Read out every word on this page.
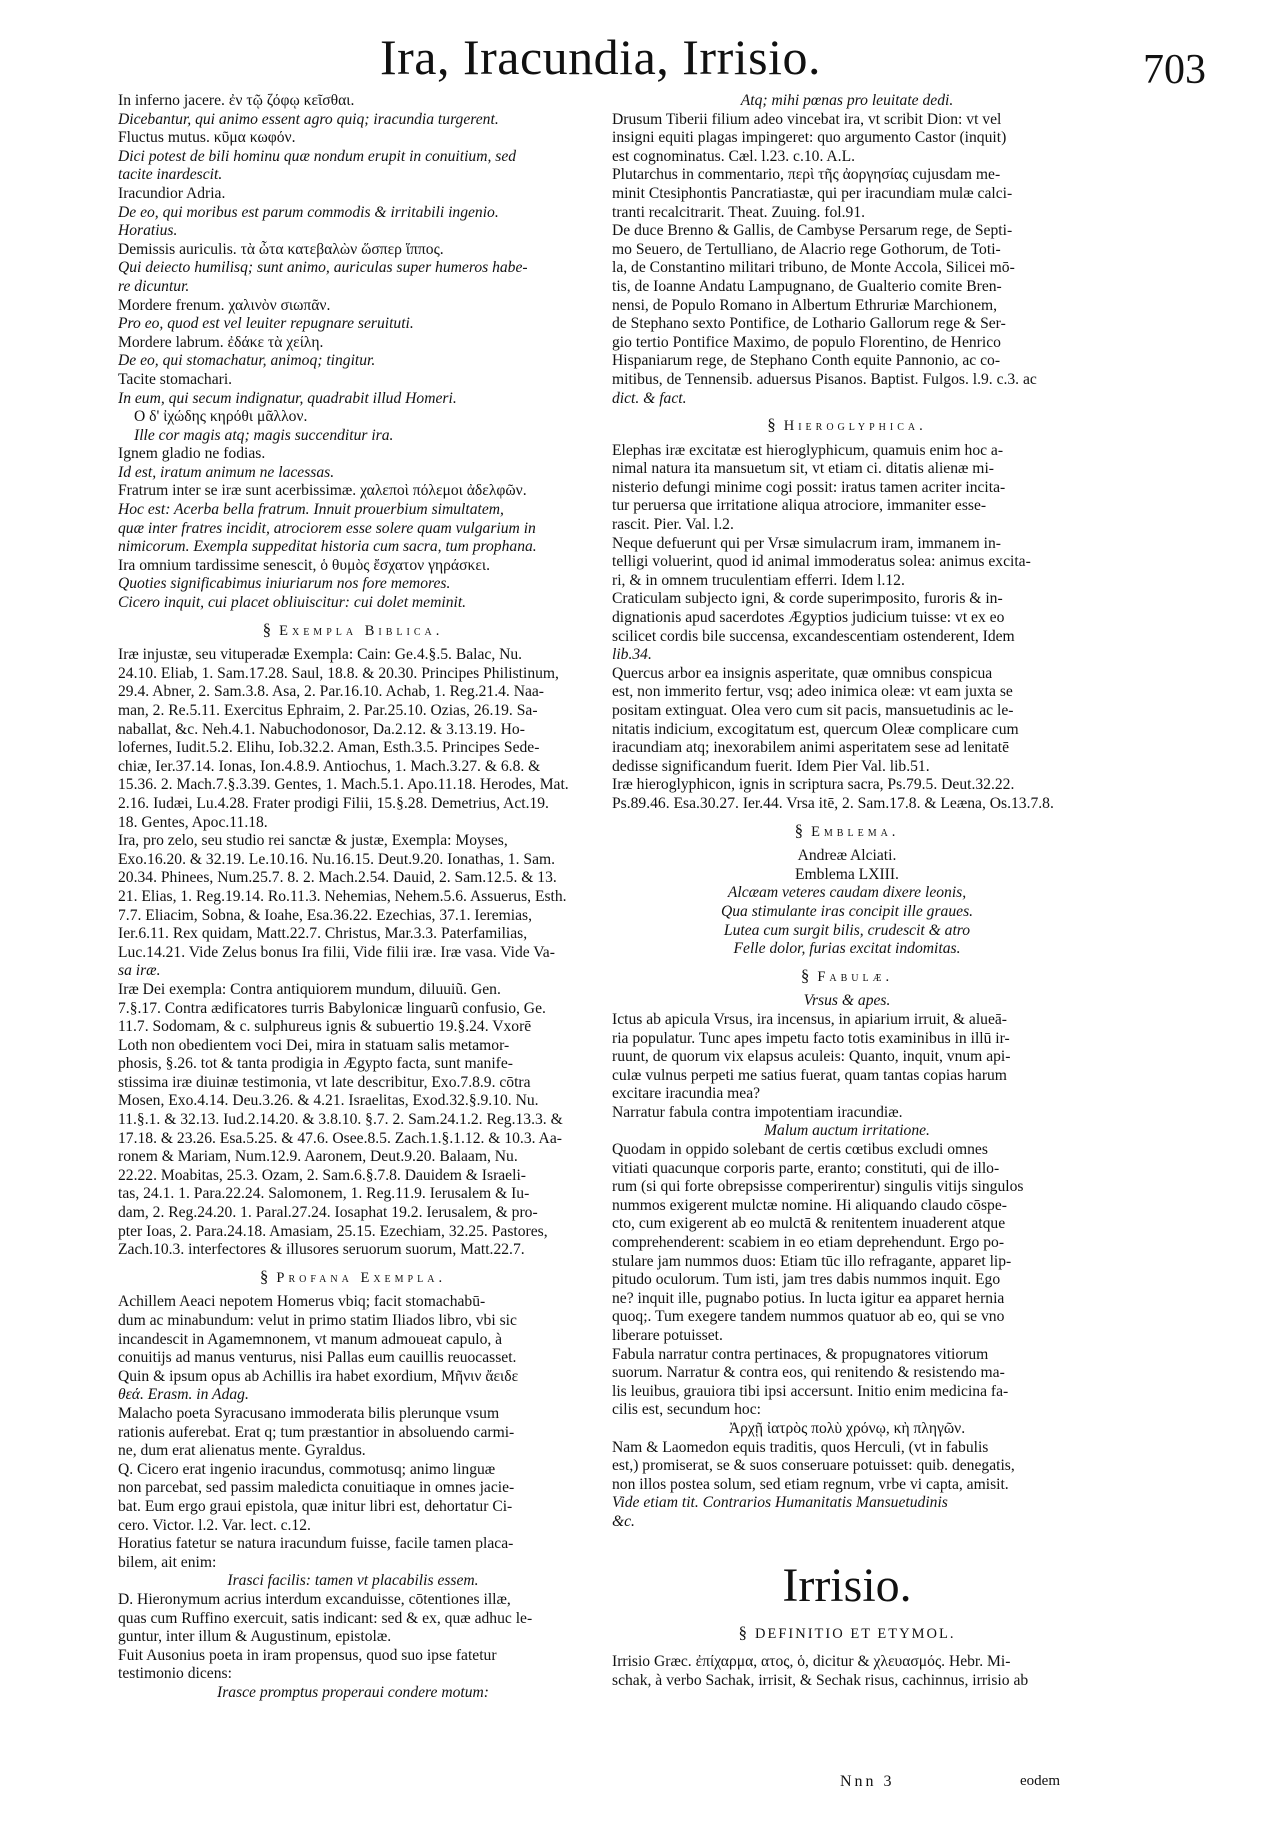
Ira, Iracundia, Irrisio.	703
In inferno jacere. ἐν τῷ ζόφῳ κεῖσθαι.
Dicebantur, qui animo essent agro quiq; iracundia turgerent.
Fluctus mutus. κῦμα κωφόν.
Dici potest de bili hominu quæ nondum erupit in conuitium, sed
tacite inardescit.
Iracundior Adria.
De eo, qui moribus est parum commodis & irritabili ingenio.
Horatius.
Demissis auriculis. τὰ ὦτα κατεβαλὼν ὥσπερ ἵππος.
Qui deiecto humilisq; sunt animo, auriculas super humeros habe-
re dicuntur.
Mordere frenum. χαλινὸν σιωπᾶν.
Pro eo, quod est vel leuiter repugnare seruituti.
Mordere labrum. ἐδάκε τὰ χείλη.
De eo, qui stomachatur, animoq; tingitur.
Tacite stomachari.
In eum, qui secum indignatur, quadrabit illud Homeri.
Ο δ' ἰχώδης κηρόθι μᾶλλον.
Ille cor magis atq; magis succenditur ira.
Ignem gladio ne fodias.
Id est, iratum animum ne lacessas.
Fratrum inter se iræ sunt acerbissimæ. χαλεποὶ πόλεμοι ἀδελφῶν.
Hoc est: Acerba bella fratrum. Innuit prouerbium simultatem,
quæ inter fratres incidit, atrociorem esse solere quam vulgarium in
nimicorum. Exempla suppeditat historia cum sacra, tum prophana.
Ira omnium tardissime senescit, ὁ θυμὸς ἔσχατον γηράσκει.
Quoties significabimus iniuriarum nos fore memores.
Cicero inquit, cui placet obliuiscitur: cui dolet meminit.
§ Exempla Biblica.
Iræ injustæ, seu vituperadæ Exempla: Cain: Ge.4.§.5. Balac, Nu.
24.10. Eliab, 1. Sam.17.28. Saul, 18.8. & 20.30. Principes Philistinum,
29.4. Abner, 2. Sam.3.8. Asa, 2. Par.16.10. Achab, 1. Reg.21.4. Naa-
man, 2. Re.5.11. Exercitus Ephraim, 2. Par.25.10. Ozias, 26.19. Sa-
naballat, &c. Neh.4.1. Nabuchodonosor, Da.2.12. & 3.13.19. Ho-
lofernes, Iudit.5.2. Elihu, Iob.32.2. Aman, Esth.3.5. Principes Sede-
chiæ, Ier.37.14. Ionas, Ion.4.8.9. Antiochus, 1. Mach.3.27. & 6.8. &
15.36. 2. Mach.7.§.3.39. Gentes, 1. Mach.5.1. Apo.11.18. Herodes, Mat.
2.16. Iudæi, Lu.4.28. Frater prodigi Filii, 15.§.28. Demetrius, Act.19.
18. Gentes, Apoc.11.18.
Ira, pro zelo, seu studio rei sanctæ & justæ, Exempla: Moyses,
Exo.16.20. & 32.19. Le.10.16. Nu.16.15. Deut.9.20. Ionathas, 1. Sam.
20.34. Phinees, Num.25.7. 8. 2. Mach.2.54. Dauid, 2. Sam.12.5. & 13.
21. Elias, 1. Reg.19.14. Ro.11.3. Nehemias, Nehem.5.6. Assuerus, Esth.
7.7. Eliacim, Sobna, & Ioahe, Esa.36.22. Ezechias, 37.1. Ieremias,
Ier.6.11. Rex quidam, Matt.22.7. Christus, Mar.3.3. Paterfamilias,
Luc.14.21. Vide Zelus bonus Ira filii, Vide filii iræ. Iræ vasa. Vide Va-
sa iræ.
Iræ Dei exempla: Contra antiquiorem mundum, diluuiũ. Gen.
7.§.17. Contra ædificatores turris Babylonicæ linguarũ confusio, Ge.
11.7. Sodomam, & c. sulphureus ignis & subuertio 19.§.24. Vxorē
Loth non obedientem voci Dei, mira in statuam salis metamor-
phosis, §.26. tot & tanta prodigia in Ægypto facta, sunt manife-
stissima iræ diuinæ testimonia, vt late describitur, Exo.7.8.9. cōtra
Mosen, Exo.4.14. Deu.3.26. & 4.21. Israelitas, Exod.32.§.9.10. Nu.
11.§.1. & 32.13. Iud.2.14.20. & 3.8.10. §.7. 2. Sam.24.1.2. Reg.13.3. &
17.18. & 23.26. Esa.5.25. & 47.6. Osee.8.5. Zach.1.§.1.12. & 10.3. Aa-
ronem & Mariam, Num.12.9. Aaronem, Deut.9.20. Balaam, Nu.
22.22. Moabitas, 25.3. Ozam, 2. Sam.6.§.7.8. Dauidem & Israeli-
tas, 24.1. 1. Para.22.24. Salomonem, 1. Reg.11.9. Ierusalem & Iu-
dam, 2. Reg.24.20. 1. Paral.27.24. Iosaphat 19.2. Ierusalem, & pro-
pter Ioas, 2. Para.24.18. Amasiam, 25.15. Ezechiam, 32.25. Pastores,
Zach.10.3. interfectores & illusores seruorum suorum, Matt.22.7.
§ Profana Exempla.
Achillem Aeaci nepotem Homerus vbiq; facit stomachabū-
dum ac minabundum: velut in primo statim Iliados libro, vbi sic
incandescit in Agamemnonem, vt manum admoueat capulo, à
conuitijs ad manus venturus, nisi Pallas eum cauillis reuocasset.
Quin & ipsum opus ab Achillis ira habet exordium, Μῆνιν ἄειδε
θεά. Erasm. in Adag.
Malacho poeta Syracusano immoderata bilis plerunque vsum
rationis auferebat. Erat q; tum præstantior in absoluendo carmi-
ne, dum erat alienatus mente. Gyraldus.
Q. Cicero erat ingenio iracundus, commotusq; animo linguæ
non parcebat, sed passim maledicta conuitiaque in omnes jacie-
bat. Eum ergo graui epistola, quæ initur libri est, dehortatur Ci-
cero. Victor. l.2. Var. lect. c.12.
Horatius fatetur se natura iracundum fuisse, facile tamen placa-
bilem, ait enim:
Irasci facilis: tamen vt placabilis essem.
D. Hieronymum acrius interdum excanduisse, cōtentiones illæ,
quas cum Ruffino exercuit, satis indicant: sed & ex, quæ adhuc le-
guntur, inter illum & Augustinum, epistolæ.
Fuit Ausonius poeta in iram propensus, quod suo ipse fatetur
testimonio dicens:
Irasce promptus properaui condere motum:
Atq; mihi pœnas pro leuitate dedi.
Drusum Tiberii filium adeo vincebat ira, vt scribit Dion: vt vel
insigni equiti plagas impingeret: quo argumento Castor (inquit)
est cognominatus. Cæl. l.23. c.10. A.L.
Plutarchus in commentario, περὶ τῆς ἀοργησίας cujusdam me-
minit Ctesiphontis Pancratiastæ, qui per iracundiam mulæ calci-
tranti recalcitrarit. Theat. Zuuing. fol.91.
De duce Brenno & Gallis, de Cambyse Persarum rege, de Septi-
mo Seuero, de Tertulliano, de Alacrio rege Gothorum, de Toti-
la, de Constantino militari tribuno, de Monte Accola, Silicei mō-
tis, de Ioanne Andatu Lampugnano, de Gualterio comite Bren-
nensi, de Populo Romano in Albertum Ethruriæ Marchionem,
de Stephano sexto Pontifice, de Lothario Gallorum rege & Ser-
gio tertio Pontifice Maximo, de populo Florentino, de Henrico
Hispaniarum rege, de Stephano Conth equite Pannonio, ac co-
mitibus, de Tennensib. aduersus Pisanos. Baptist. Fulgos. l.9. c.3. ac
dict. & fact.
§ Hieroglyphica.
Elephas iræ excitatæ est hieroglyphicum, quamuis enim hoc a-
nimal natura ita mansuetum sit, vt etiam ci. ditatis alienæ mi-
nisterio defungi minime cogi possit: iratus tamen acriter incita-
tur peruersa que irritatione aliqua atrociore, immaniter esse-
rascit. Pier. Val. l.2.
Neque defuerunt qui per Vrsæ simulacrum iram, immanem in-
telligi voluerint, quod id animal immoderatus solea: animus excita-
ri, & in omnem truculentiam efferri. Idem l.12.
Craticulam subjecto igni, & corde superimposito, furoris & in-
dignationis apud sacerdotes Ægyptios judicium tuisse: vt ex eo
scilicet cordis bile succensa, excandescentiam ostenderent, Idem
lib.34.
Quercus arbor ea insignis asperitate, quæ omnibus conspicua
est, non immerito fertur, vsq; adeo inimica oleæ: vt eam juxta se
positam extinguat. Olea vero cum sit pacis, mansuetudinis ac le-
nitatis indicium, excogitatum est, quercum Oleæ complicare cum
iracundiam atq; inexorabilem animi asperitatem sese ad lenitatē
dedisse significandum fuerit. Idem Pier Val. lib.51.
Iræ hieroglyphicon, ignis in scriptura sacra, Ps.79.5. Deut.32.22.
Ps.89.46. Esa.30.27. Ier.44. Vrsa itē, 2. Sam.17.8. & Leæna, Os.13.7.8.
§ Emblema.
Andreæ Alciati.
Emblema LXIII.
Alcæam veteres caudam dixere leonis,
Qua stimulante iras concipit ille graues.
Lutea cum surgit bilis, crudescit & atro
Felle dolor, furias excitat indomitas.
§ Fabulæ.
Vrsus & apes.
Ictus ab apicula Vrsus, ira incensus, in apiarium irruit, & alueā-
ria populatur. Tunc apes impetu facto totis examinibus in illū ir-
ruunt, de quorum vix elapsus aculeis: Quanto, inquit, vnum api-
culæ vulnus perpeti me satius fuerat, quam tantas copias harum
excitare iracundia mea?
Narratur fabula contra impotentiam iracundiæ.
Malum auctum irritatione.
Quodam in oppido solebant de certis cœtibus excludi omnes
vitiati quacunque corporis parte, eranto; constituti, qui de illo-
rum (si qui forte obrepsisse comperirentur) singulis vitijs singulos
nummos exigerent mulctæ nomine. Hi aliquando claudo cōspe-
cto, cum exigerent ab eo mulctā & renitentem inuaderent atque
comprehenderent: scabiem in eo etiam deprehendunt. Ergo po-
stulare jam nummos duos: Etiam tūc illo refragante, apparet lip-
pitudo oculorum. Tum isti, jam tres dabis nummos inquit. Ego
ne? inquit ille, pugnabo potius. In lucta igitur ea apparet hernia
quoq;. Tum exegere tandem nummos quatuor ab eo, qui se vno
liberare potuisset.
Fabula narratur contra pertinaces, & propugnatores vitiorum
suorum. Narratur & contra eos, qui renitendo & resistendo ma-
lis leuibus, grauiora tibi ipsi accersunt. Initio enim medicina fa-
cilis est, secundum hoc:
Ἀρχῇ ἰατρὸς πολὺ χρόνῳ, κὴ πληγῶν.
Nam & Laomedon equis traditis, quos Herculi, (vt in fabulis
est,) promiserat, se & suos conseruare potuisset: quib. denegatis,
non illos postea solum, sed etiam regnum, vrbe vi capta, amisit.
Vide etiam tit. Contrarios Humanitatis Mansuetudinis
&c.
Irrisio.
§ DEFINITIO ET ETYMOL.
Irrisio Græc. ἐπίχαρμα, ατος, ὁ, dicitur & χλευασμός. Hebr. Mi-
schak, à verbo Sachak, irrisit, & Sechak risus, cachinnus, irrisio ab
Nnn 3	eodem
